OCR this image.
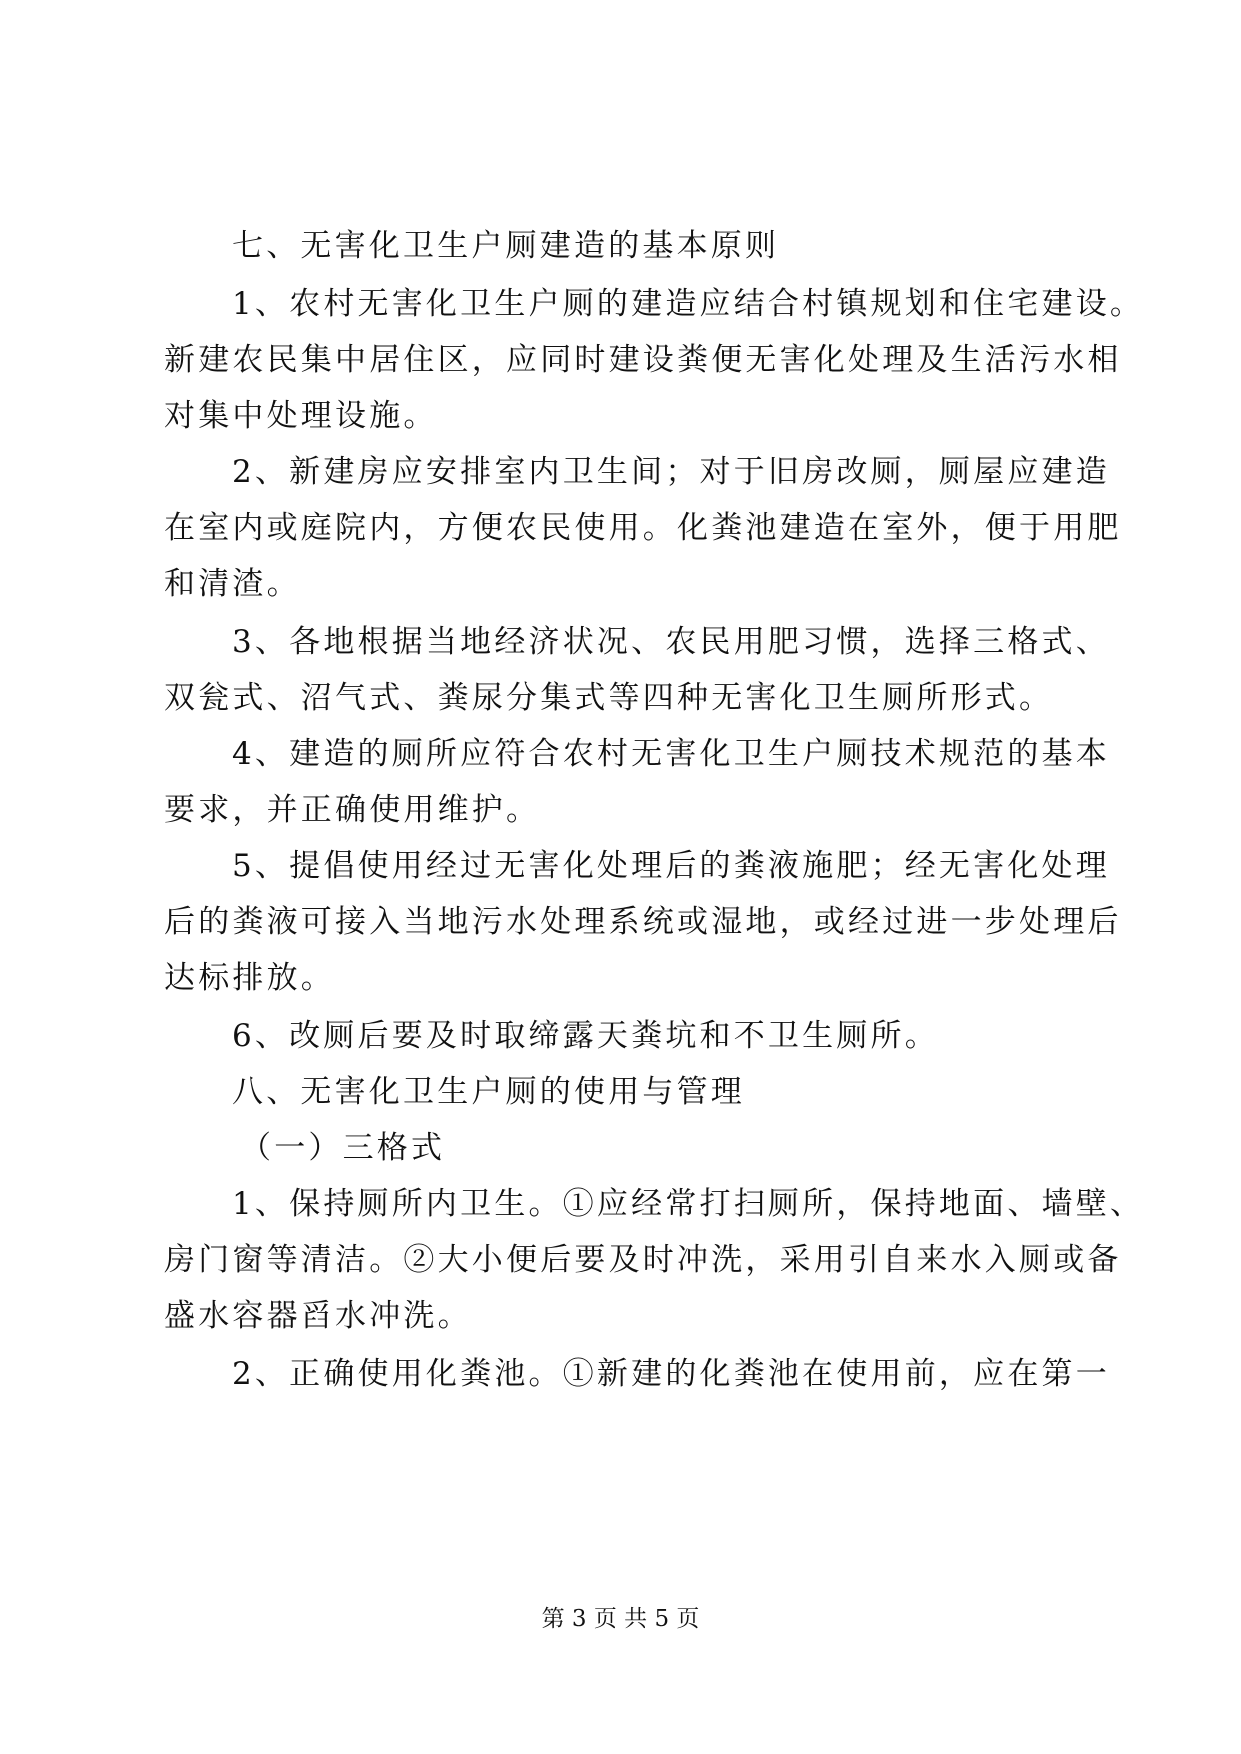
七、无害化卫生户厕建造的基本原则
1、农村无害化卫生户厕的建造应结合村镇规划和住宅建设。
新建农民集中居住区，应同时建设粪便无害化处理及生活污水相
对集中处理设施。
2、新建房应安排室内卫生间；对于旧房改厕，厕屋应建造
在室内或庭院内，方便农民使用。化粪池建造在室外，便于用肥
和清渣。
3、各地根据当地经济状况、农民用肥习惯，选择三格式、
双瓮式、沼气式、粪尿分集式等四种无害化卫生厕所形式。
4、建造的厕所应符合农村无害化卫生户厕技术规范的基本
要求，并正确使用维护。
5、提倡使用经过无害化处理后的粪液施肥；经无害化处理
后的粪液可接入当地污水处理系统或湿地，或经过进一步处理后
达标排放。
6、改厕后要及时取缔露天粪坑和不卫生厕所。
八、无害化卫生户厕的使用与管理
（一）三格式
1、保持厕所内卫生。①应经常打扫厕所，保持地面、墙壁、
房门窗等清洁。②大小便后要及时冲洗，采用引自来水入厕或备
盛水容器舀水冲洗。
2、正确使用化粪池。①新建的化粪池在使用前，应在第一
第 3 页 共 5 页
